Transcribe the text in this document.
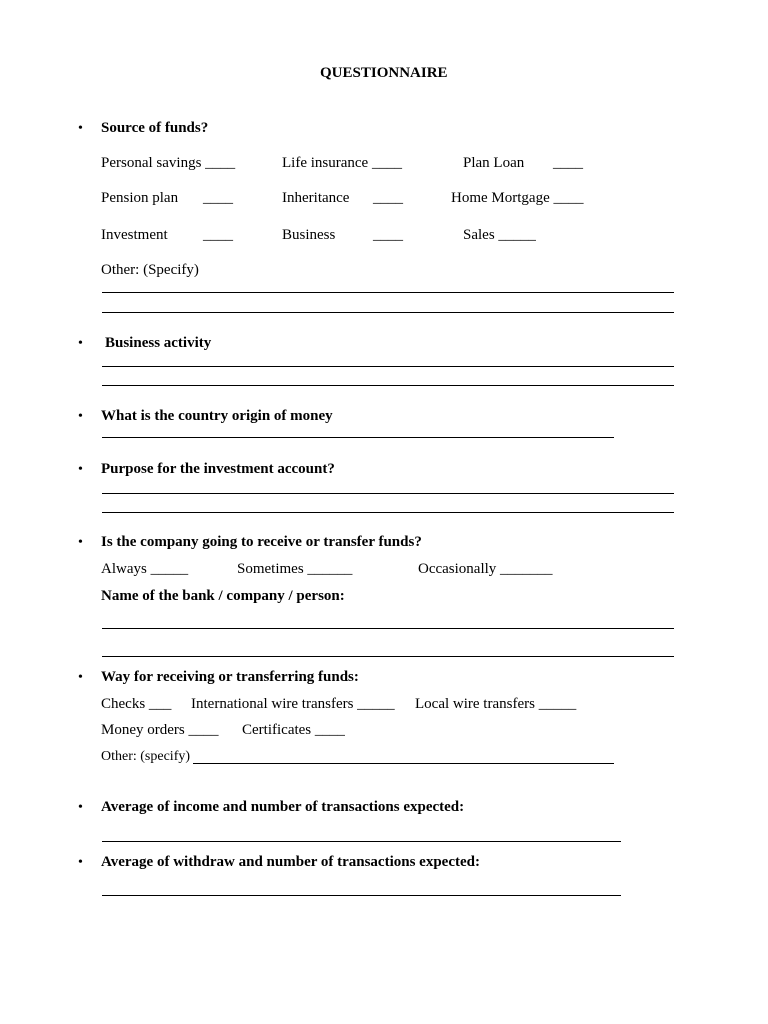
QUESTIONNAIRE
• Source of funds?
Personal savings ____	Life insurance ____	Plan Loan ____
Pension plan ____	Inheritance ____	Home Mortgage ____
Investment ____	Business	____	Sales _____
Other: (Specify)
• Business activity
• What is the country origin of money
• Purpose for the investment account?
• Is the company going to receive or transfer funds?
Always _____	Sometimes ______	Occasionally _______
Name of the bank / company / person:
• Way for receiving or transferring funds:
Checks ___ International wire transfers _____ Local wire transfers _____
Money orders ____ Certificates ____
Other: (specify)
• Average of income and number of transactions expected:
• Average of withdraw and number of transactions expected:
